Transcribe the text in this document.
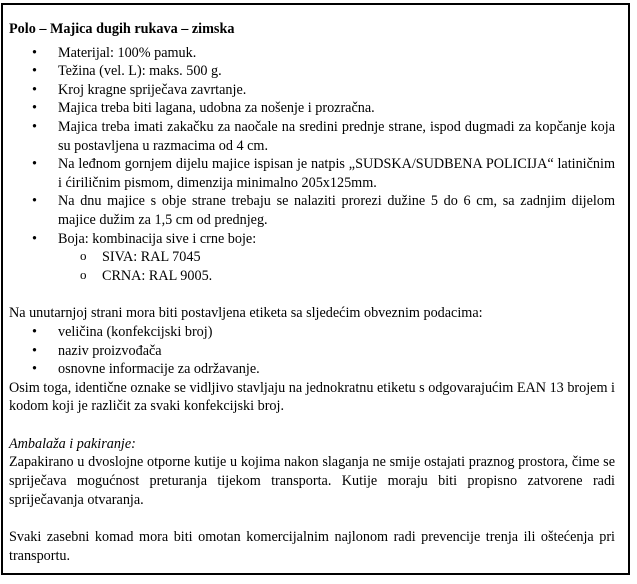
Polo – Majica dugih rukava – zimska

• Materijal: 100% pamuk.
• Težina (vel. L): maks. 500 g.
• Kroj kragne spriječava zavrtanje.
• Majica treba biti lagana, udobna za nošenje i prozračna.
• Majica treba imati zakačku za naočale na sredini prednje strane, ispod dugmadi za kopčanje koja su postavljena u razmacima od 4 cm.
• Na leđnom gornjem dijelu majice ispisan je natpis „SUDSKA/SUDBENA POLICIJA“ latiničnim i ćiriličnim pismom, dimenzija minimalno 205x125mm.
• Na dnu majice s obje strane trebaju se nalaziti prorezi dužine 5 do 6 cm, sa zadnjim dijelom majice dužim za 1,5 cm od prednjeg.
• Boja: kombinacija sive i crne boje:
o SIVA: RAL 7045
o CRNA: RAL 9005.

Na unutarnjoj strani mora biti postavljena etiketa sa sljedećim obveznim podacima:

• veličina (konfekcijski broj)
• naziv proizvođača
• osnovne informacije za održavanje.

Osim toga, identične oznake se vidljivo stavljaju na jednokratnu etiketu s odgovarajućim EAN 13 brojem i kodom koji je različit za svaki konfekcijski broj.

Ambalaža i pakiranje:

Zapakirano u dvoslojne otporne kutije u kojima nakon slaganja ne smije ostajati praznog prostora, čime se spriječava mogućnost preturanja tijekom transporta. Kutije moraju biti propisno zatvorene radi spriječavanja otvaranja.

Svaki zasebni komad mora biti omotan komercijalnim najlonom radi prevencije trenja ili oštećenja pri transportu.
